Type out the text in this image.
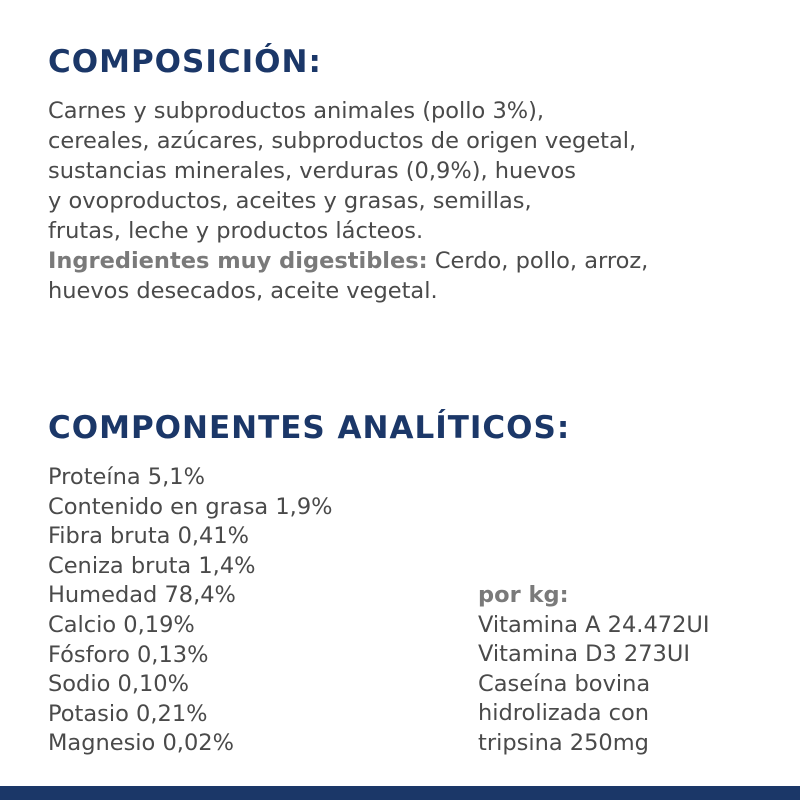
COMPOSICIÓN:
Carnes y subproductos animales (pollo 3%),
cereales, azúcares, subproductos de origen vegetal,
sustancias minerales, verduras (0,9%), huevos
y ovoproductos, aceites y grasas, semillas,
frutas, leche y productos lácteos.
Ingredientes muy digestibles: Cerdo, pollo, arroz,
huevos desecados, aceite vegetal.
COMPONENTES ANALÍTICOS:
Proteína 5,1%
Contenido en grasa 1,9%
Fibra bruta 0,41%
Ceniza bruta 1,4%
Humedad 78,4%
Calcio 0,19%
Fósforo 0,13%
Sodio 0,10%
Potasio 0,21%
Magnesio 0,02%
por kg:
Vitamina A 24.472UI
Vitamina D3 273UI
Caseína bovina
hidrolizada con
tripsina 250mg
